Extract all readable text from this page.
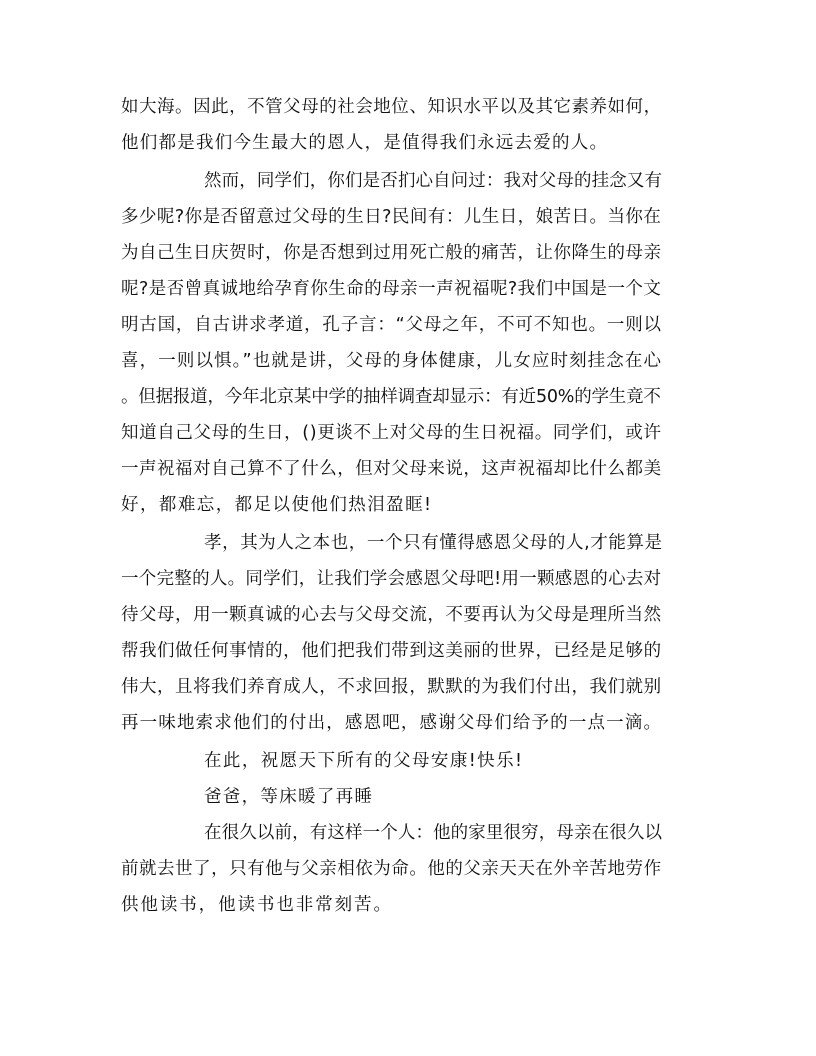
如大海。因此，不管父母的社会地位、知识水平以及其它素养如何，
他们都是我们今生最大的恩人，是值得我们永远去爱的人。
然而，同学们，你们是否扪心自问过：我对父母的挂念又有
多少呢?你是否留意过父母的生日?民间有：儿生日，娘苦日。当你在
为自己生日庆贺时，你是否想到过用死亡般的痛苦，让你降生的母亲
呢?是否曾真诚地给孕育你生命的母亲一声祝福呢?我们中国是一个文
明古国，自古讲求孝道，孔子言：“父母之年，不可不知也。一则以
喜，一则以惧。”也就是讲，父母的身体健康，儿女应时刻挂念在心
。但据报道，今年北京某中学的抽样调查却显示：有近50%的学生竟不
知道自己父母的生日，()更谈不上对父母的生日祝福。同学们，或许
一声祝福对自己算不了什么，但对父母来说，这声祝福却比什么都美
好，都难忘，都足以使他们热泪盈眶!
孝，其为人之本也，一个只有懂得感恩父母的人,才能算是
一个完整的人。同学们，让我们学会感恩父母吧!用一颗感恩的心去对
待父母，用一颗真诚的心去与父母交流，不要再认为父母是理所当然
帮我们做任何事情的，他们把我们带到这美丽的世界，已经是足够的
伟大，且将我们养育成人，不求回报，默默的为我们付出，我们就别
再一味地索求他们的付出，感恩吧，感谢父母们给予的一点一滴。
在此，祝愿天下所有的父母安康!快乐!
爸爸，等床暖了再睡
在很久以前，有这样一个人：他的家里很穷，母亲在很久以
前就去世了，只有他与父亲相依为命。他的父亲天天在外辛苦地劳作
供他读书，他读书也非常刻苦。
